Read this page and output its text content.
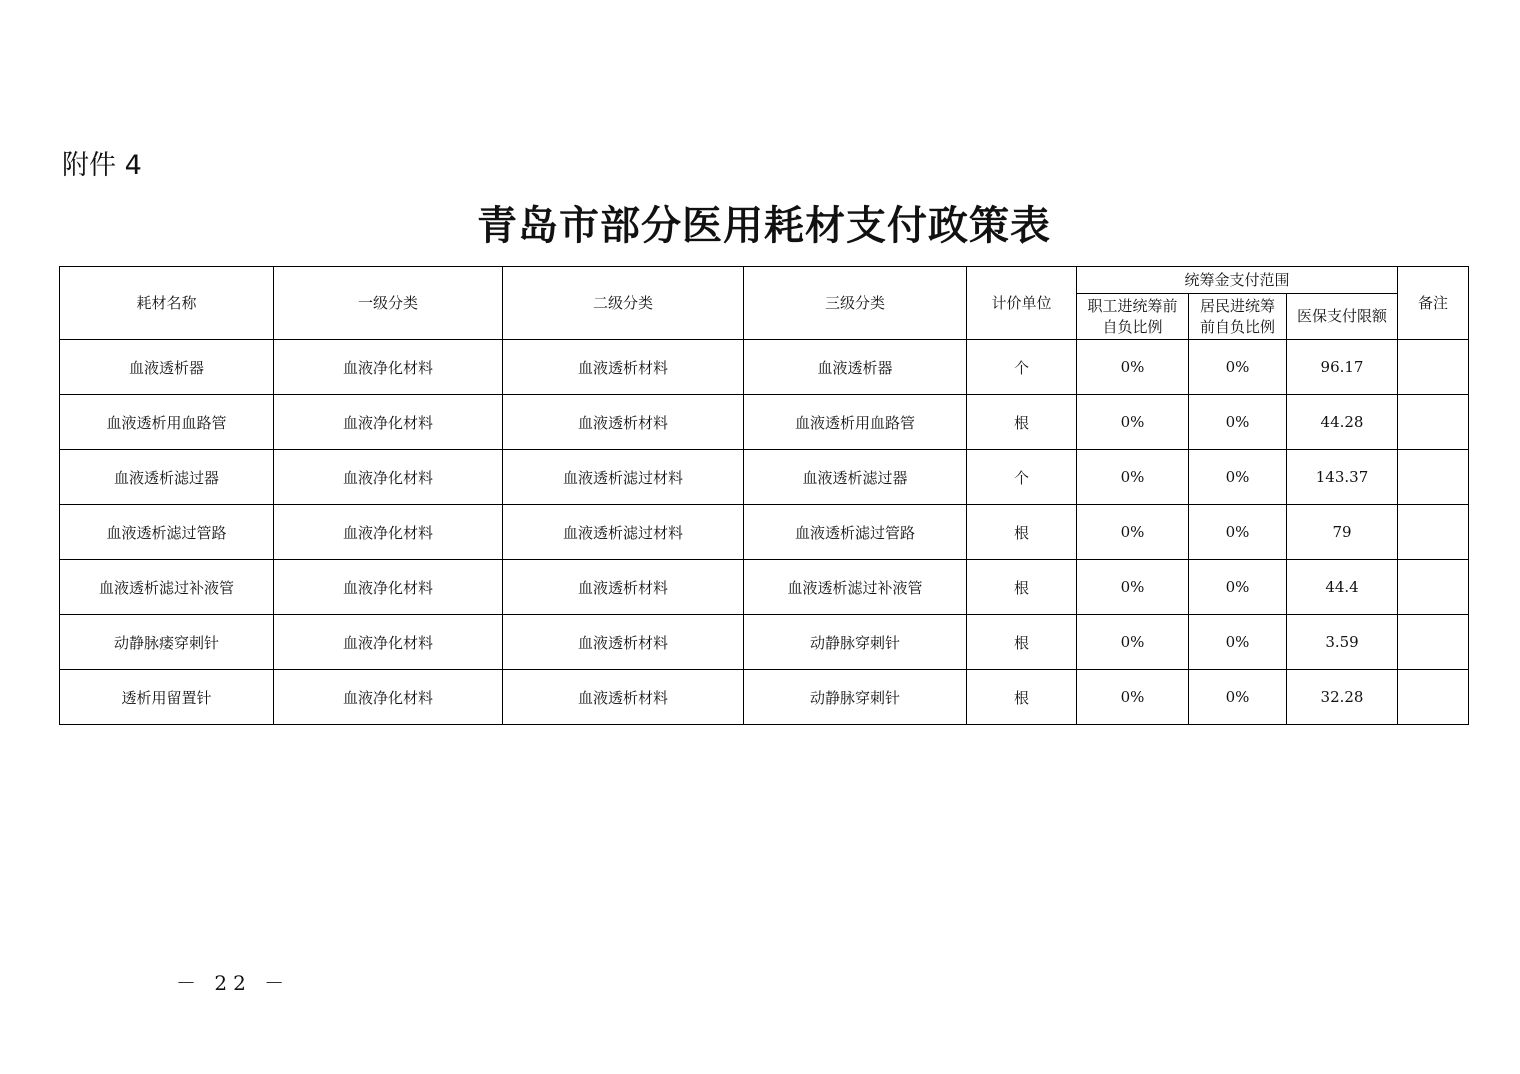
附件 4
青岛市部分医用耗材支付政策表
耗材名称	一级分类	二级分类	三级分类	计价单位	统筹金支付范围			备注
					职工进统筹前自负比例	居民进统筹前自负比例	医保支付限额	
血液透析器	血液净化材料	血液透析材料	血液透析器	个	0%	0%	96.17	
血液透析用血路管	血液净化材料	血液透析材料	血液透析用血路管	根	0%	0%	44.28	
血液透析滤过器	血液净化材料	血液透析滤过材料	血液透析滤过器	个	0%	0%	143.37	
血液透析滤过管路	血液净化材料	血液透析滤过材料	血液透析滤过管路	根	0%	0%	79	
血液透析滤过补液管	血液净化材料	血液透析材料	血液透析滤过补液管	根	0%	0%	44.4	
动静脉瘘穿刺针	血液净化材料	血液透析材料	动静脉穿刺针	根	0%	0%	3.59	
透析用留置针	血液净化材料	血液透析材料	动静脉穿刺针	根	0%	0%	32.28	
－ 22 －
